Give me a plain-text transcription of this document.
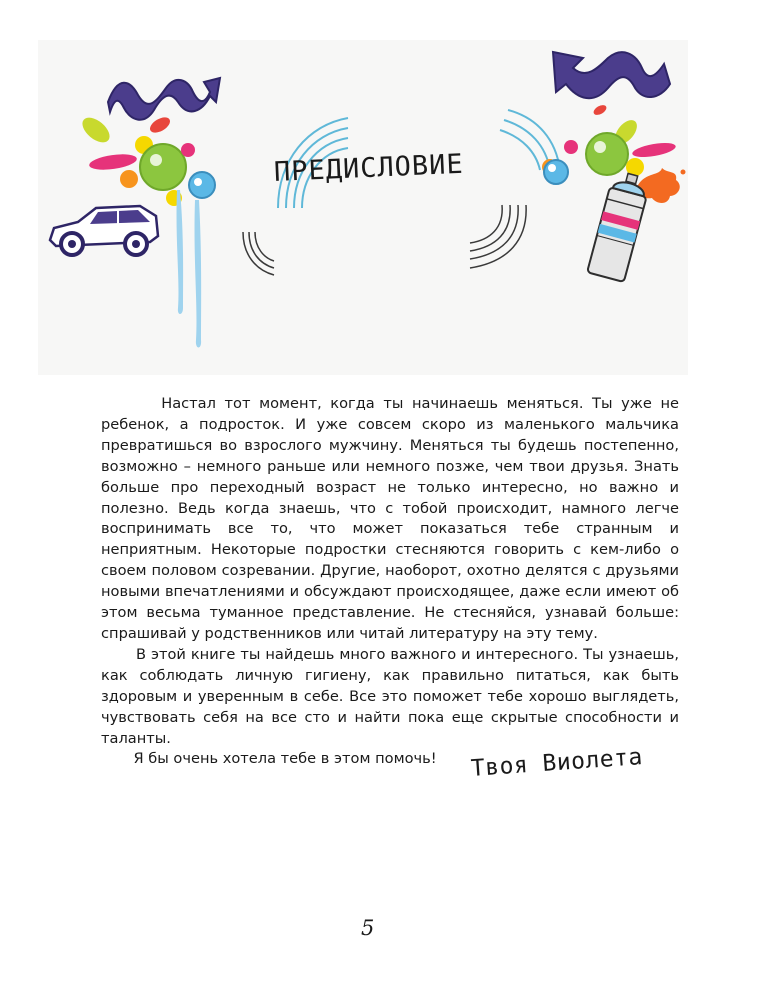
ПРЕДИСЛОВИЕ

Настал тот момент, когда ты начинаешь меняться. Ты уже не ребенок, а подросток. И уже совсем скоро из маленького мальчика превратишься во взрослого мужчину. Меняться ты будешь постепенно, возможно – немного раньше или немного позже, чем твои друзья. Знать больше про переходный возраст не только интересно, но важно и полезно. Ведь когда знаешь, что с тобой происходит, намного легче воспринимать все то, что может показаться тебе странным и неприятным. Некоторые подростки стесняются говорить с кем-либо о своем половом созревании. Другие, наоборот, охотно делятся с друзьями новыми впечатлениями и обсуждают происходящее, даже если имеют об этом весьма туманное представление. Не стесняйся, узнавай больше: спрашивай у родственников или читай литературу на эту тему.

В этой книге ты найдешь много важного и интересного. Ты узнаешь, как соблюдать личную гигиену, как правильно питаться, как быть здоровым и уверенным в себе. Все это поможет тебе хорошо выглядеть, чувствовать себя на все сто и найти пока еще скрытые способности и таланты.

Я бы очень хотела тебе в этом помочь!	Твоя Виолета
5
